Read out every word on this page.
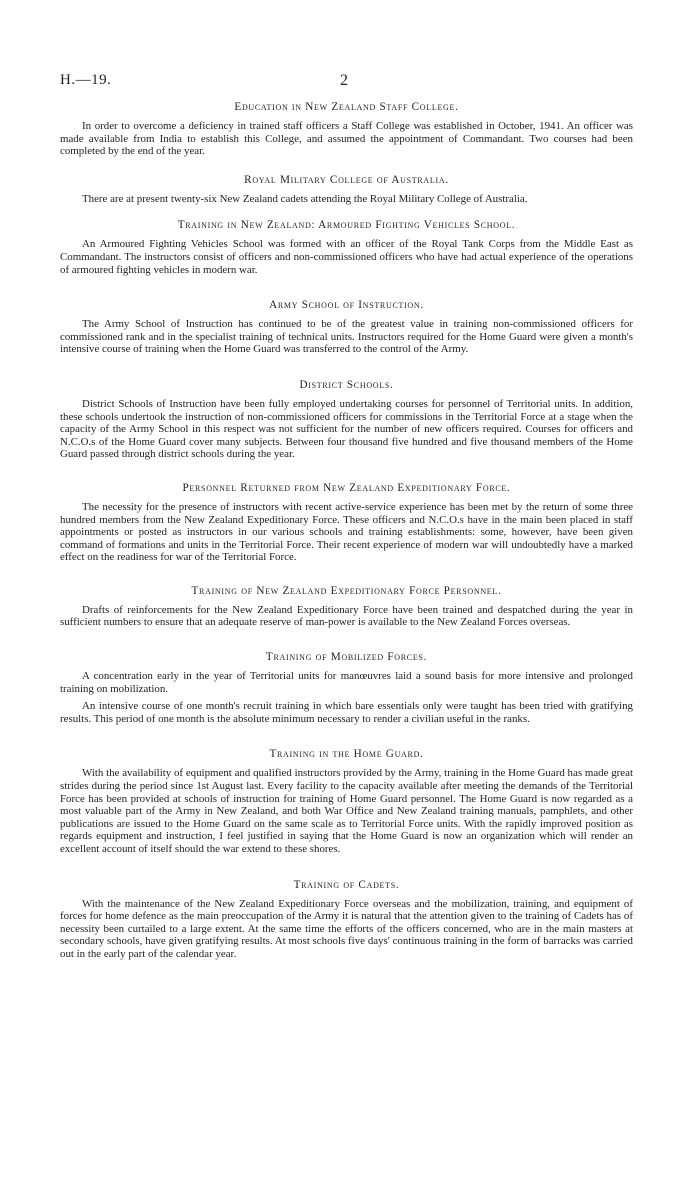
H.—19.	2
Education in New Zealand Staff College.

In order to overcome a deficiency in trained staff officers a Staff College was established in October, 1941. An officer was made available from India to establish this College, and assumed the appointment of Commandant. Two courses had been completed by the end of the year.

Royal Military College of Australia.

There are at present twenty-six New Zealand cadets attending the Royal Military College of Australia.

Training in New Zealand: Armoured Fighting Vehicles School.

An Armoured Fighting Vehicles School was formed with an officer of the Royal Tank Corps from the Middle East as Commandant. The instructors consist of officers and non-commissioned officers who have had actual experience of the operations of armoured fighting vehicles in modern war.

Army School of Instruction.

The Army School of Instruction has continued to be of the greatest value in training non-commissioned officers for commissioned rank and in the specialist training of technical units. Instructors required for the Home Guard were given a month's intensive course of training when the Home Guard was transferred to the control of the Army.

District Schools.

District Schools of Instruction have been fully employed undertaking courses for personnel of Territorial units. In addition, these schools undertook the instruction of non-commissioned officers for commissions in the Territorial Force at a stage when the capacity of the Army School in this respect was not sufficient for the number of new officers required. Courses for officers and N.C.O.s of the Home Guard cover many subjects. Between four thousand five hundred and five thousand members of the Home Guard passed through district schools during the year.

Personnel Returned from New Zealand Expeditionary Force.

The necessity for the presence of instructors with recent active-service experience has been met by the return of some three hundred members from the New Zealand Expeditionary Force. These officers and N.C.O.s have in the main been placed in staff appointments or posted as instructors in our various schools and training establishments: some, however, have been given command of formations and units in the Territorial Force. Their recent experience of modern war will undoubtedly have a marked effect on the readiness for war of the Territorial Force.

Training of New Zealand Expeditionary Force Personnel.

Drafts of reinforcements for the New Zealand Expeditionary Force have been trained and despatched during the year in sufficient numbers to ensure that an adequate reserve of man-power is available to the New Zealand Forces overseas.

Training of Mobilized Forces.

A concentration early in the year of Territorial units for manœuvres laid a sound basis for more intensive and prolonged training on mobilization.

An intensive course of one month's recruit training in which bare essentials only were taught has been tried with gratifying results. This period of one month is the absolute minimum necessary to render a civilian useful in the ranks.

Training in the Home Guard.

With the availability of equipment and qualified instructors provided by the Army, training in the Home Guard has made great strides during the period since 1st August last. Every facility to the capacity available after meeting the demands of the Territorial Force has been provided at schools of instruction for training of Home Guard personnel. The Home Guard is now regarded as a most valuable part of the Army in New Zealand, and both War Office and New Zealand training manuals, pamphlets, and other publications are issued to the Home Guard on the same scale as to Territorial Force units. With the rapidly improved position as regards equipment and instruction, I feel justified in saying that the Home Guard is now an organization which will render an excellent account of itself should the war extend to these shores.

Training of Cadets.

With the maintenance of the New Zealand Expeditionary Force overseas and the mobilization, training, and equipment of forces for home defence as the main preoccupation of the Army it is natural that the attention given to the training of Cadets has of necessity been curtailed to a large extent. At the same time the efforts of the officers concerned, who are in the main masters at secondary schools, have given gratifying results. At most schools five days' continuous training in the form of barracks was carried out in the early part of the calendar year.
